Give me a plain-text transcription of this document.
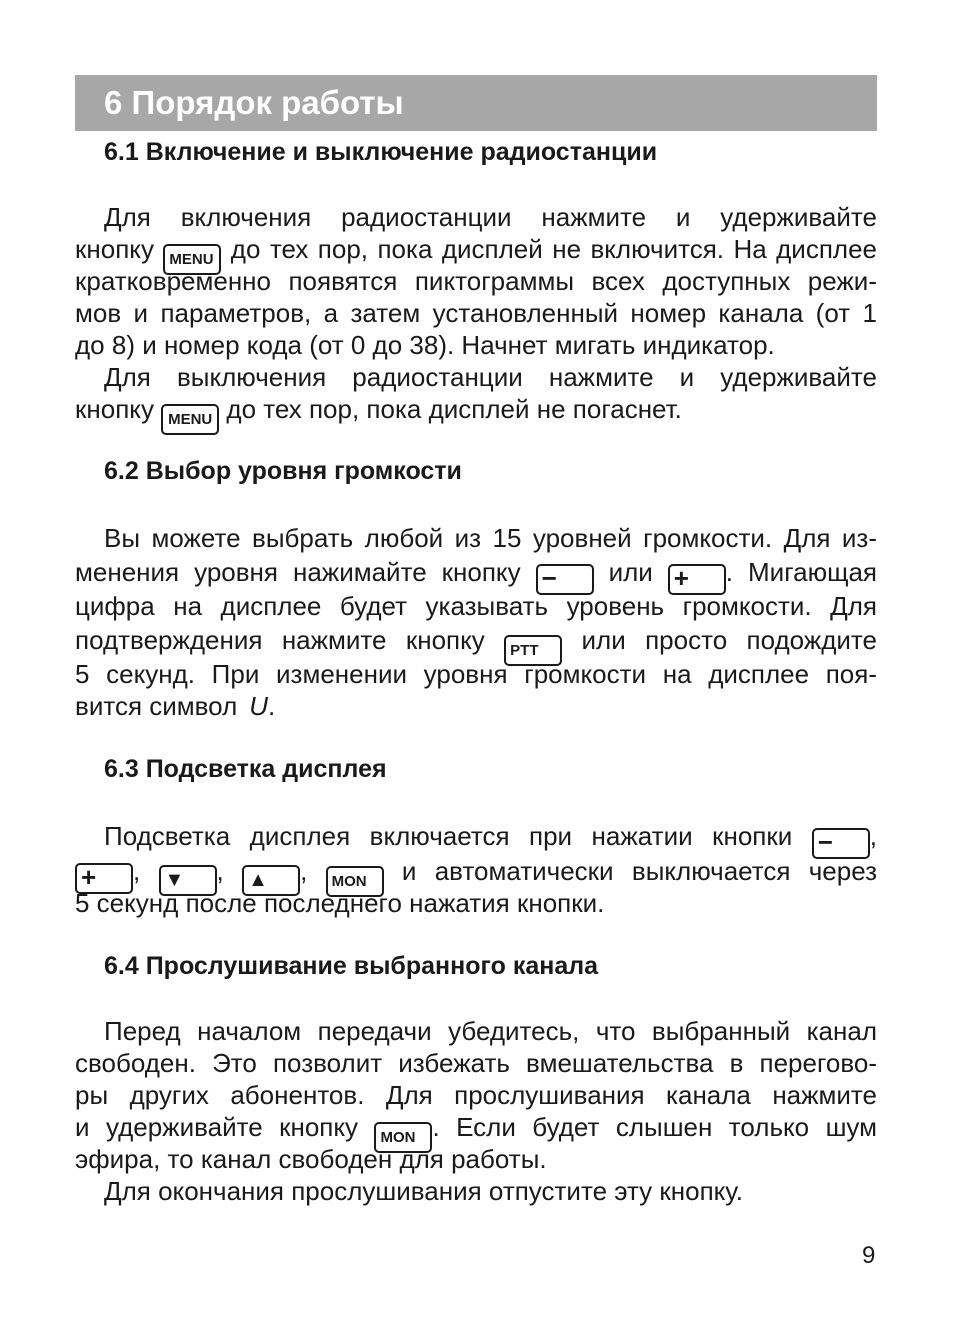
6 Порядок работы
6.1 Включение и выключение радиостанции
Для включения радиостанции нажмите и удерживайте
кнопку MENU до тех пор, пока дисплей не включится. На дисплее
кратковременно появятся пиктограммы всех доступных режи-
мов и параметров, а затем установленный номер канала (от 1
до 8) и номер кода (от 0 до 38). Начнет мигать индикатор.
Для выключения радиостанции нажмите и удерживайте
кнопку MENU до тех пор, пока дисплей не погаснет.
6.2 Выбор уровня громкости
Вы можете выбрать любой из 15 уровней громкости. Для из-
менения уровня нажимайте кнопку − или + . Мигающая
цифра на дисплее будет указывать уровень громкости. Для
подтверждения нажмите кнопку PTT или просто подождите
5 секунд. При изменении уровня громкости на дисплее поя-
вится символ U.
6.3 Подсветка дисплея
Подсветка дисплея включается при нажатии кнопки − ,
+ , ▼ , ▲ , MON и автоматически выключается через
5 секунд после последнего нажатия кнопки.
6.4 Прослушивание выбранного канала
Перед началом передачи убедитесь, что выбранный канал
свободен. Это позволит избежать вмешательства в перегово-
ры других абонентов. Для прослушивания канала нажмите
и удерживайте кнопку MON . Если будет слышен только шум
эфира, то канал свободен для работы.
Для окончания прослушивания отпустите эту кнопку.
9
